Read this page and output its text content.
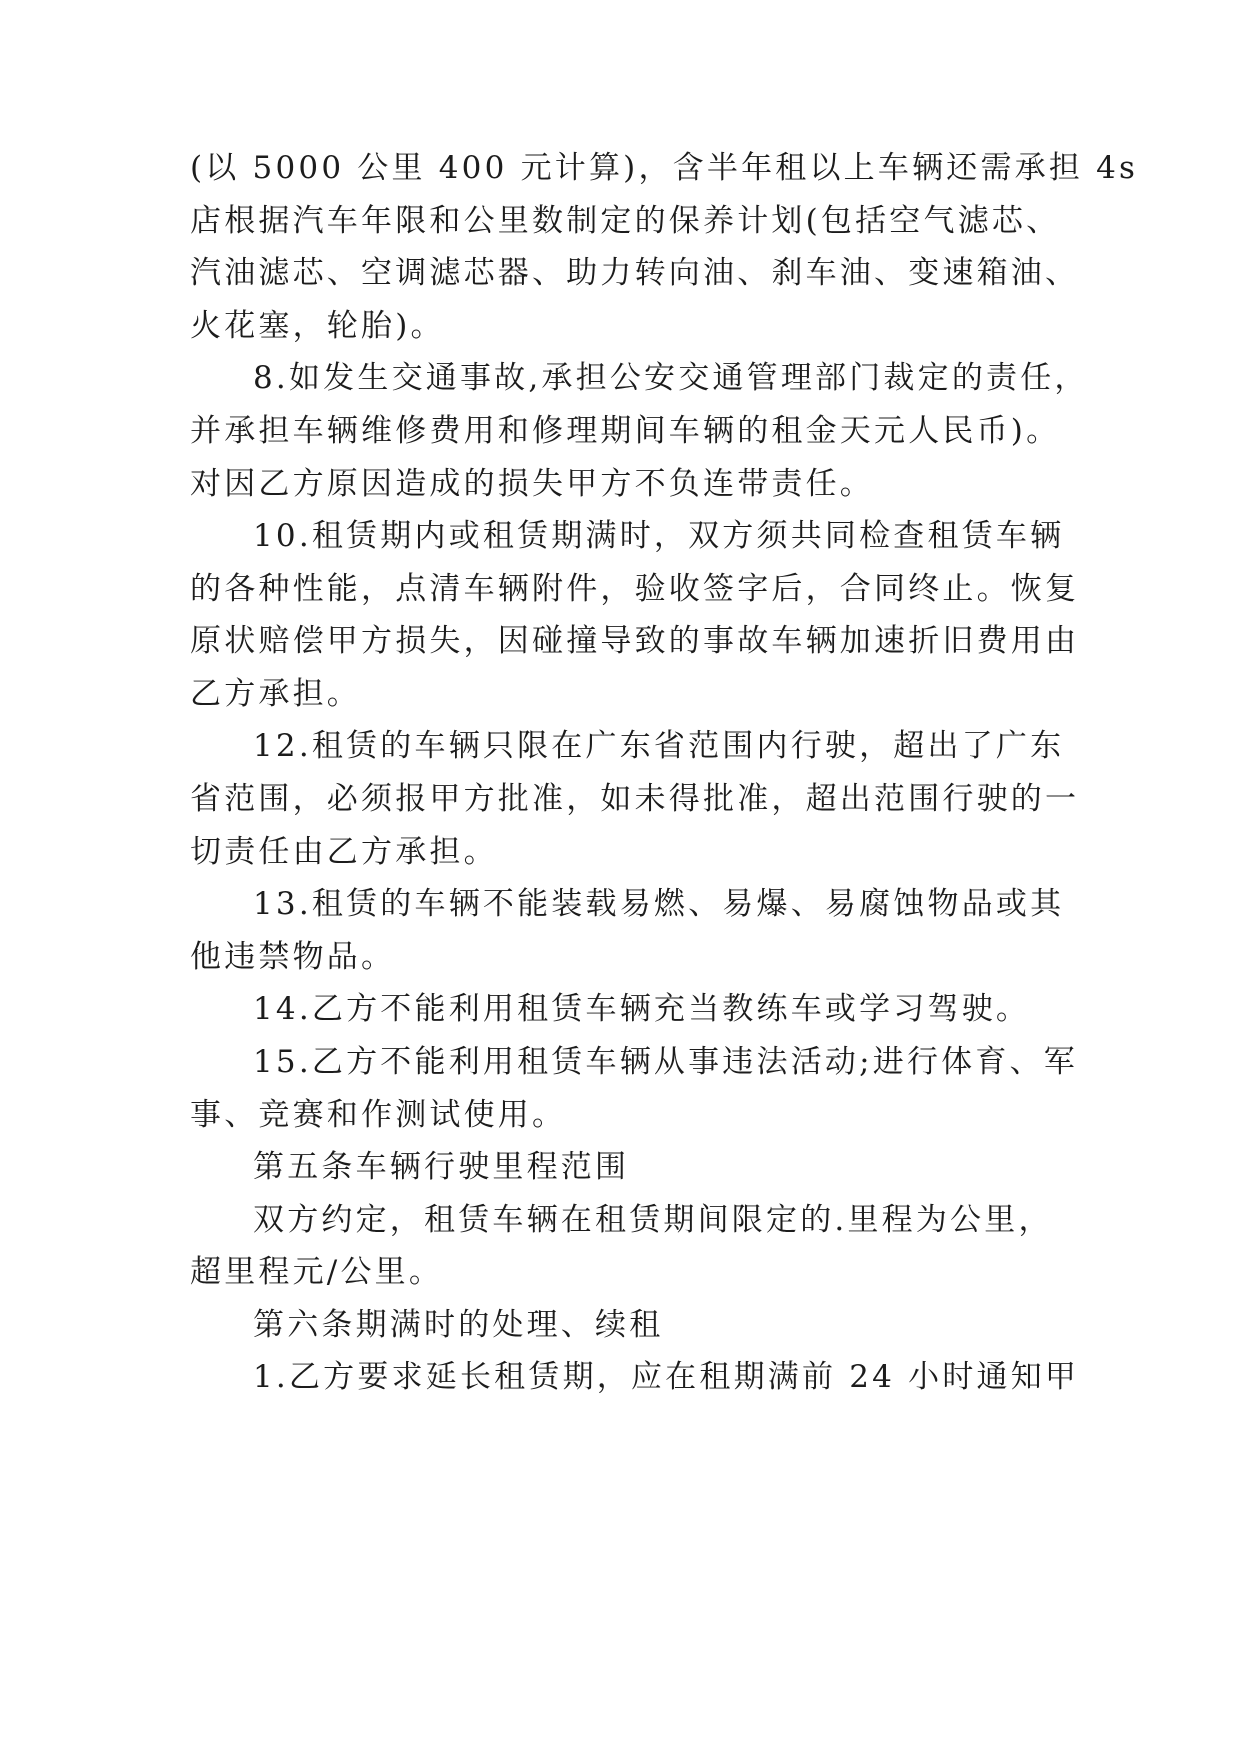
(以 5000 公里 400 元计算)，含半年租以上车辆还需承担 4s
店根据汽车年限和公里数制定的保养计划(包括空气滤芯、
汽油滤芯、空调滤芯器、助力转向油、刹车油、变速箱油、
火花塞，轮胎)。
8.如发生交通事故,承担公安交通管理部门裁定的责任，
并承担车辆维修费用和修理期间车辆的租金天元人民币)。
对因乙方原因造成的损失甲方不负连带责任。
10.租赁期内或租赁期满时，双方须共同检查租赁车辆
的各种性能，点清车辆附件，验收签字后，合同终止。恢复
原状赔偿甲方损失，因碰撞导致的事故车辆加速折旧费用由
乙方承担。
12.租赁的车辆只限在广东省范围内行驶，超出了广东
省范围，必须报甲方批准，如未得批准，超出范围行驶的一
切责任由乙方承担。
13.租赁的车辆不能装载易燃、易爆、易腐蚀物品或其
他违禁物品。
14.乙方不能利用租赁车辆充当教练车或学习驾驶。
15.乙方不能利用租赁车辆从事违法活动;进行体育、军
事、竞赛和作测试使用。
第五条车辆行驶里程范围
双方约定，租赁车辆在租赁期间限定的.里程为公里，
超里程元/公里。
第六条期满时的处理、续租
1.乙方要求延长租赁期，应在租期满前 24 小时通知甲
